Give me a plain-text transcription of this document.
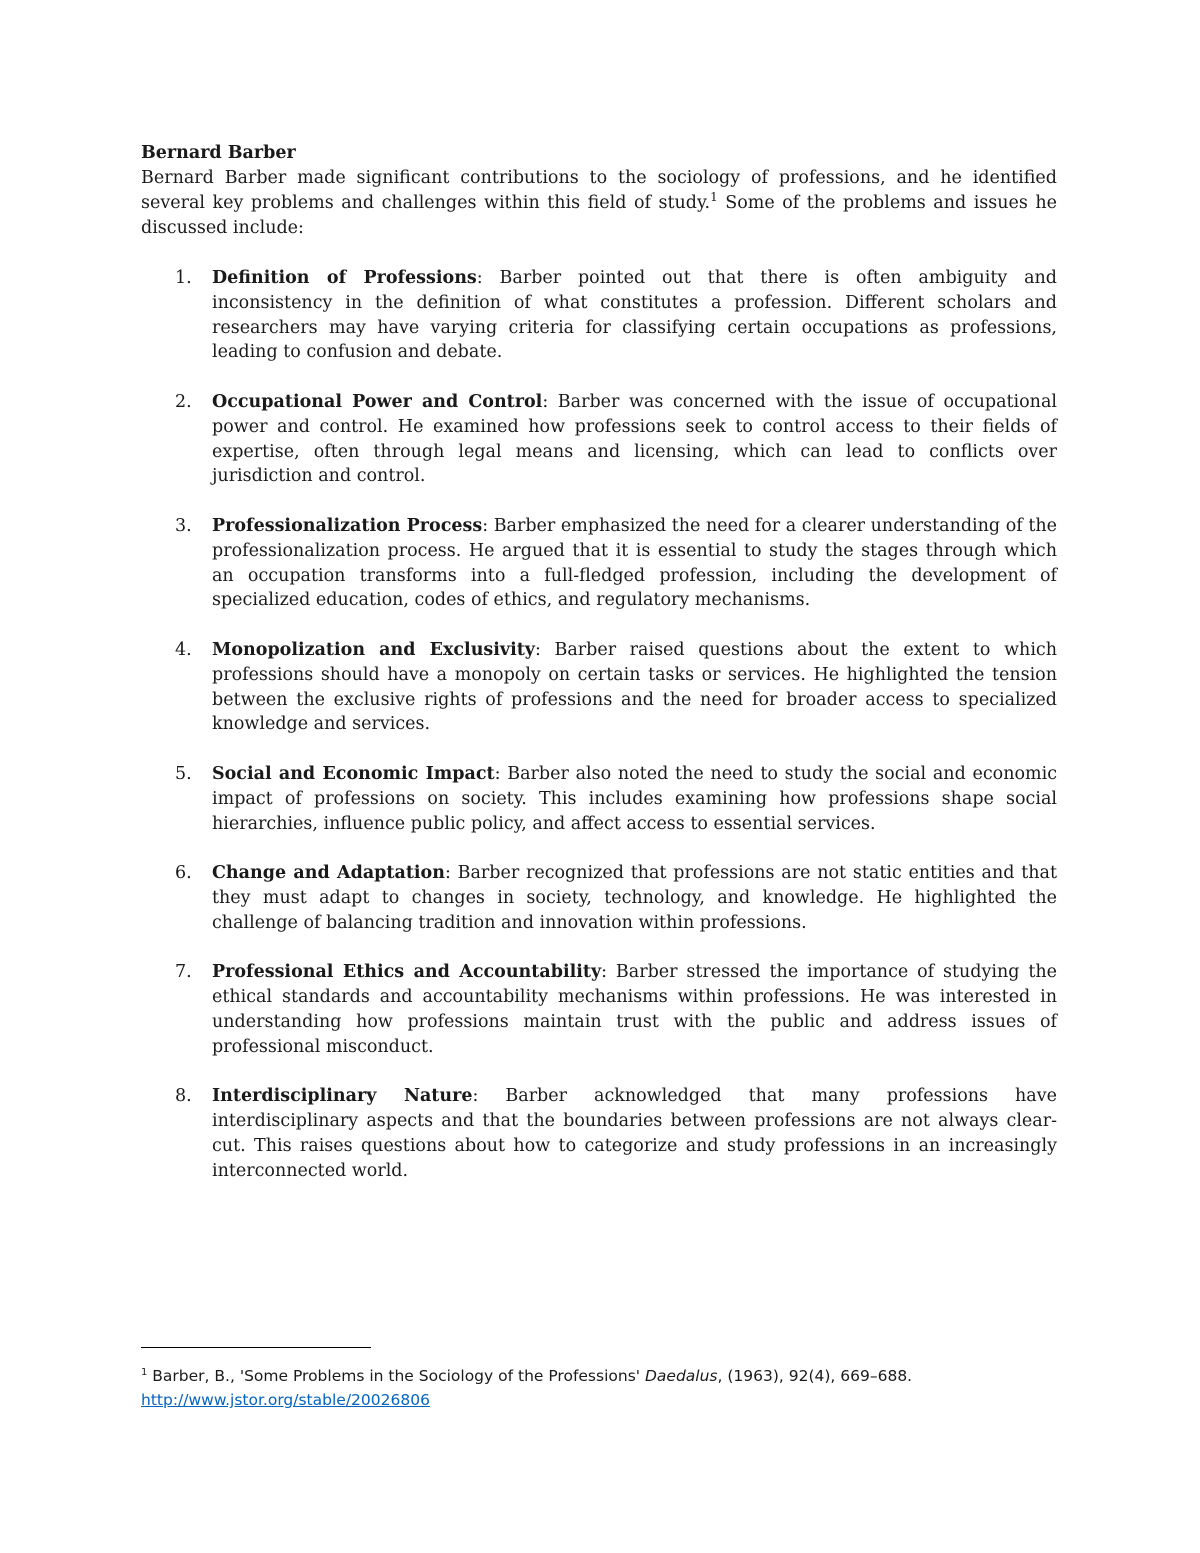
Bernard Barber

Bernard Barber made significant contributions to the sociology of professions, and he identified several key problems and challenges within this field of study.$^1$ Some of the problems and issues he discussed include:

1. Definition of Professions: Barber pointed out that there is often ambiguity and inconsistency in the definition of what constitutes a profession. Different scholars and researchers may have varying criteria for classifying certain occupations as professions, leading to confusion and debate.
2. Occupational Power and Control: Barber was concerned with the issue of occupational power and control. He examined how professions seek to control access to their fields of expertise, often through legal means and licensing, which can lead to conflicts over jurisdiction and control.
3. Professionalization Process: Barber emphasized the need for a clearer understanding of the professionalization process. He argued that it is essential to study the stages through which an occupation transforms into a full-fledged profession, including the development of specialized education, codes of ethics, and regulatory mechanisms.
4. Monopolization and Exclusivity: Barber raised questions about the extent to which professions should have a monopoly on certain tasks or services. He highlighted the tension between the exclusive rights of professions and the need for broader access to specialized knowledge and services.
5. Social and Economic Impact: Barber also noted the need to study the social and economic impact of professions on society. This includes examining how professions shape social hierarchies, influence public policy, and affect access to essential services.
6. Change and Adaptation: Barber recognized that professions are not static entities and that they must adapt to changes in society, technology, and knowledge. He highlighted the challenge of balancing tradition and innovation within professions.
7. Professional Ethics and Accountability: Barber stressed the importance of studying the ethical standards and accountability mechanisms within professions. He was interested in understanding how professions maintain trust with the public and address issues of professional misconduct.
8. Interdisciplinary Nature: Barber acknowledged that many professions have interdisciplinary aspects and that the boundaries between professions are not always clear-cut. This raises questions about how to categorize and study professions in an increasingly interconnected world.
$^1$ Barber, B., 'Some Problems in the Sociology of the Professions' Daedalus, (1963), 92(4), 669–688.
http://www.jstor.org/stable/20026806
